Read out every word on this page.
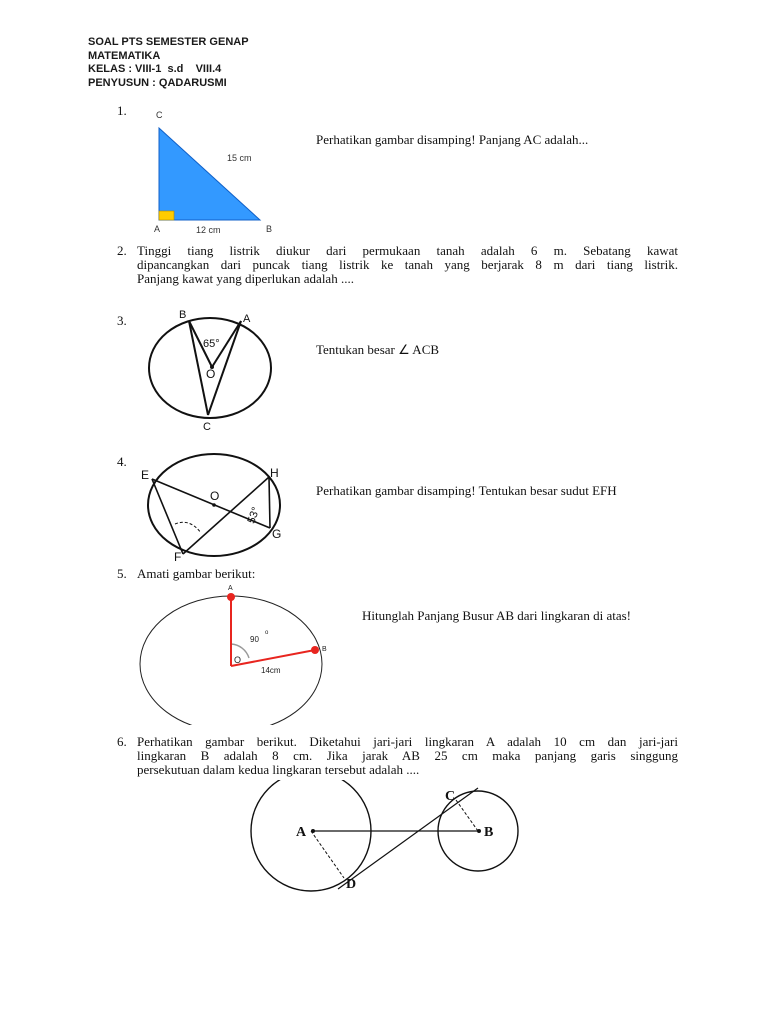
SOAL PTS SEMESTER GENAP
MATEMATIKA
KELAS : VIII-1  s.d    VIII.4
PENYUSUN : QADARUSMI
1.	C
A	B
15 cm
12 cm
Perhatikan gambar disamping! Panjang AC adalah...
2. Tinggi tiang listrik diukur dari permukaan tanah adalah 6 m. Sebatang kawat
dipancangkan dari puncak tiang listrik ke tanah yang berjarak 8 m dari tiang listrik.
Panjang kawat yang diperlukan adalah ....
3.	B	A
C
O
65°	Tentukan besar ∠ ACB
4.
E	H
G
F
O
53°
Perhatikan gambar disamping! Tentukan besar sudut EFH
5. Amati gambar berikut:
A
B
O
90
o
14cm
Hitunglah Panjang Busur AB dari lingkaran di atas!
6. Perhatikan gambar berikut. Diketahui jari-jari lingkaran A adalah 10 cm dan jari-jari
lingkaran B adalah 8 cm. Jika jarak AB 25 cm maka panjang garis singgung
persekutuan dalam kedua lingkaran tersebut adalah ....
A	B
C
D
